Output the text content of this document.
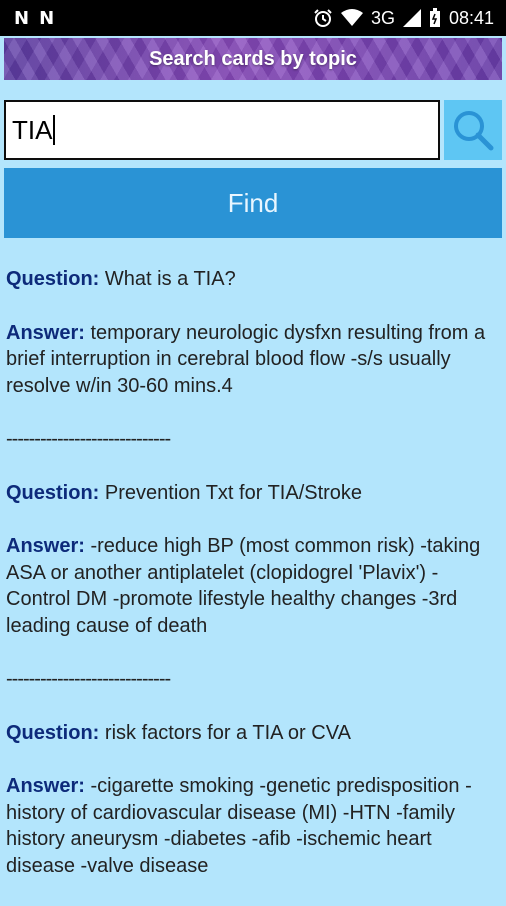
N N	3G	08:41
Search cards by topic
TIA
Find

Question: What is a TIA?

Answer: temporary neurologic dysfxn resulting from a brief interruption in cerebral blood flow -s/s usually resolve w/in 30-60 mins.4

-----------------------------

Question: Prevention Txt for TIA/Stroke

Answer: -reduce high BP (most common risk) -taking ASA or another antiplatelet (clopidogrel 'Plavix') -Control DM -promote lifestyle healthy changes -3rd leading cause of death

-----------------------------

Question: risk factors for a TIA or CVA

Answer: -cigarette smoking -genetic predisposition -history of cardiovascular disease (MI) -HTN -family history aneurysm -diabetes -afib -ischemic heart disease -valve disease
